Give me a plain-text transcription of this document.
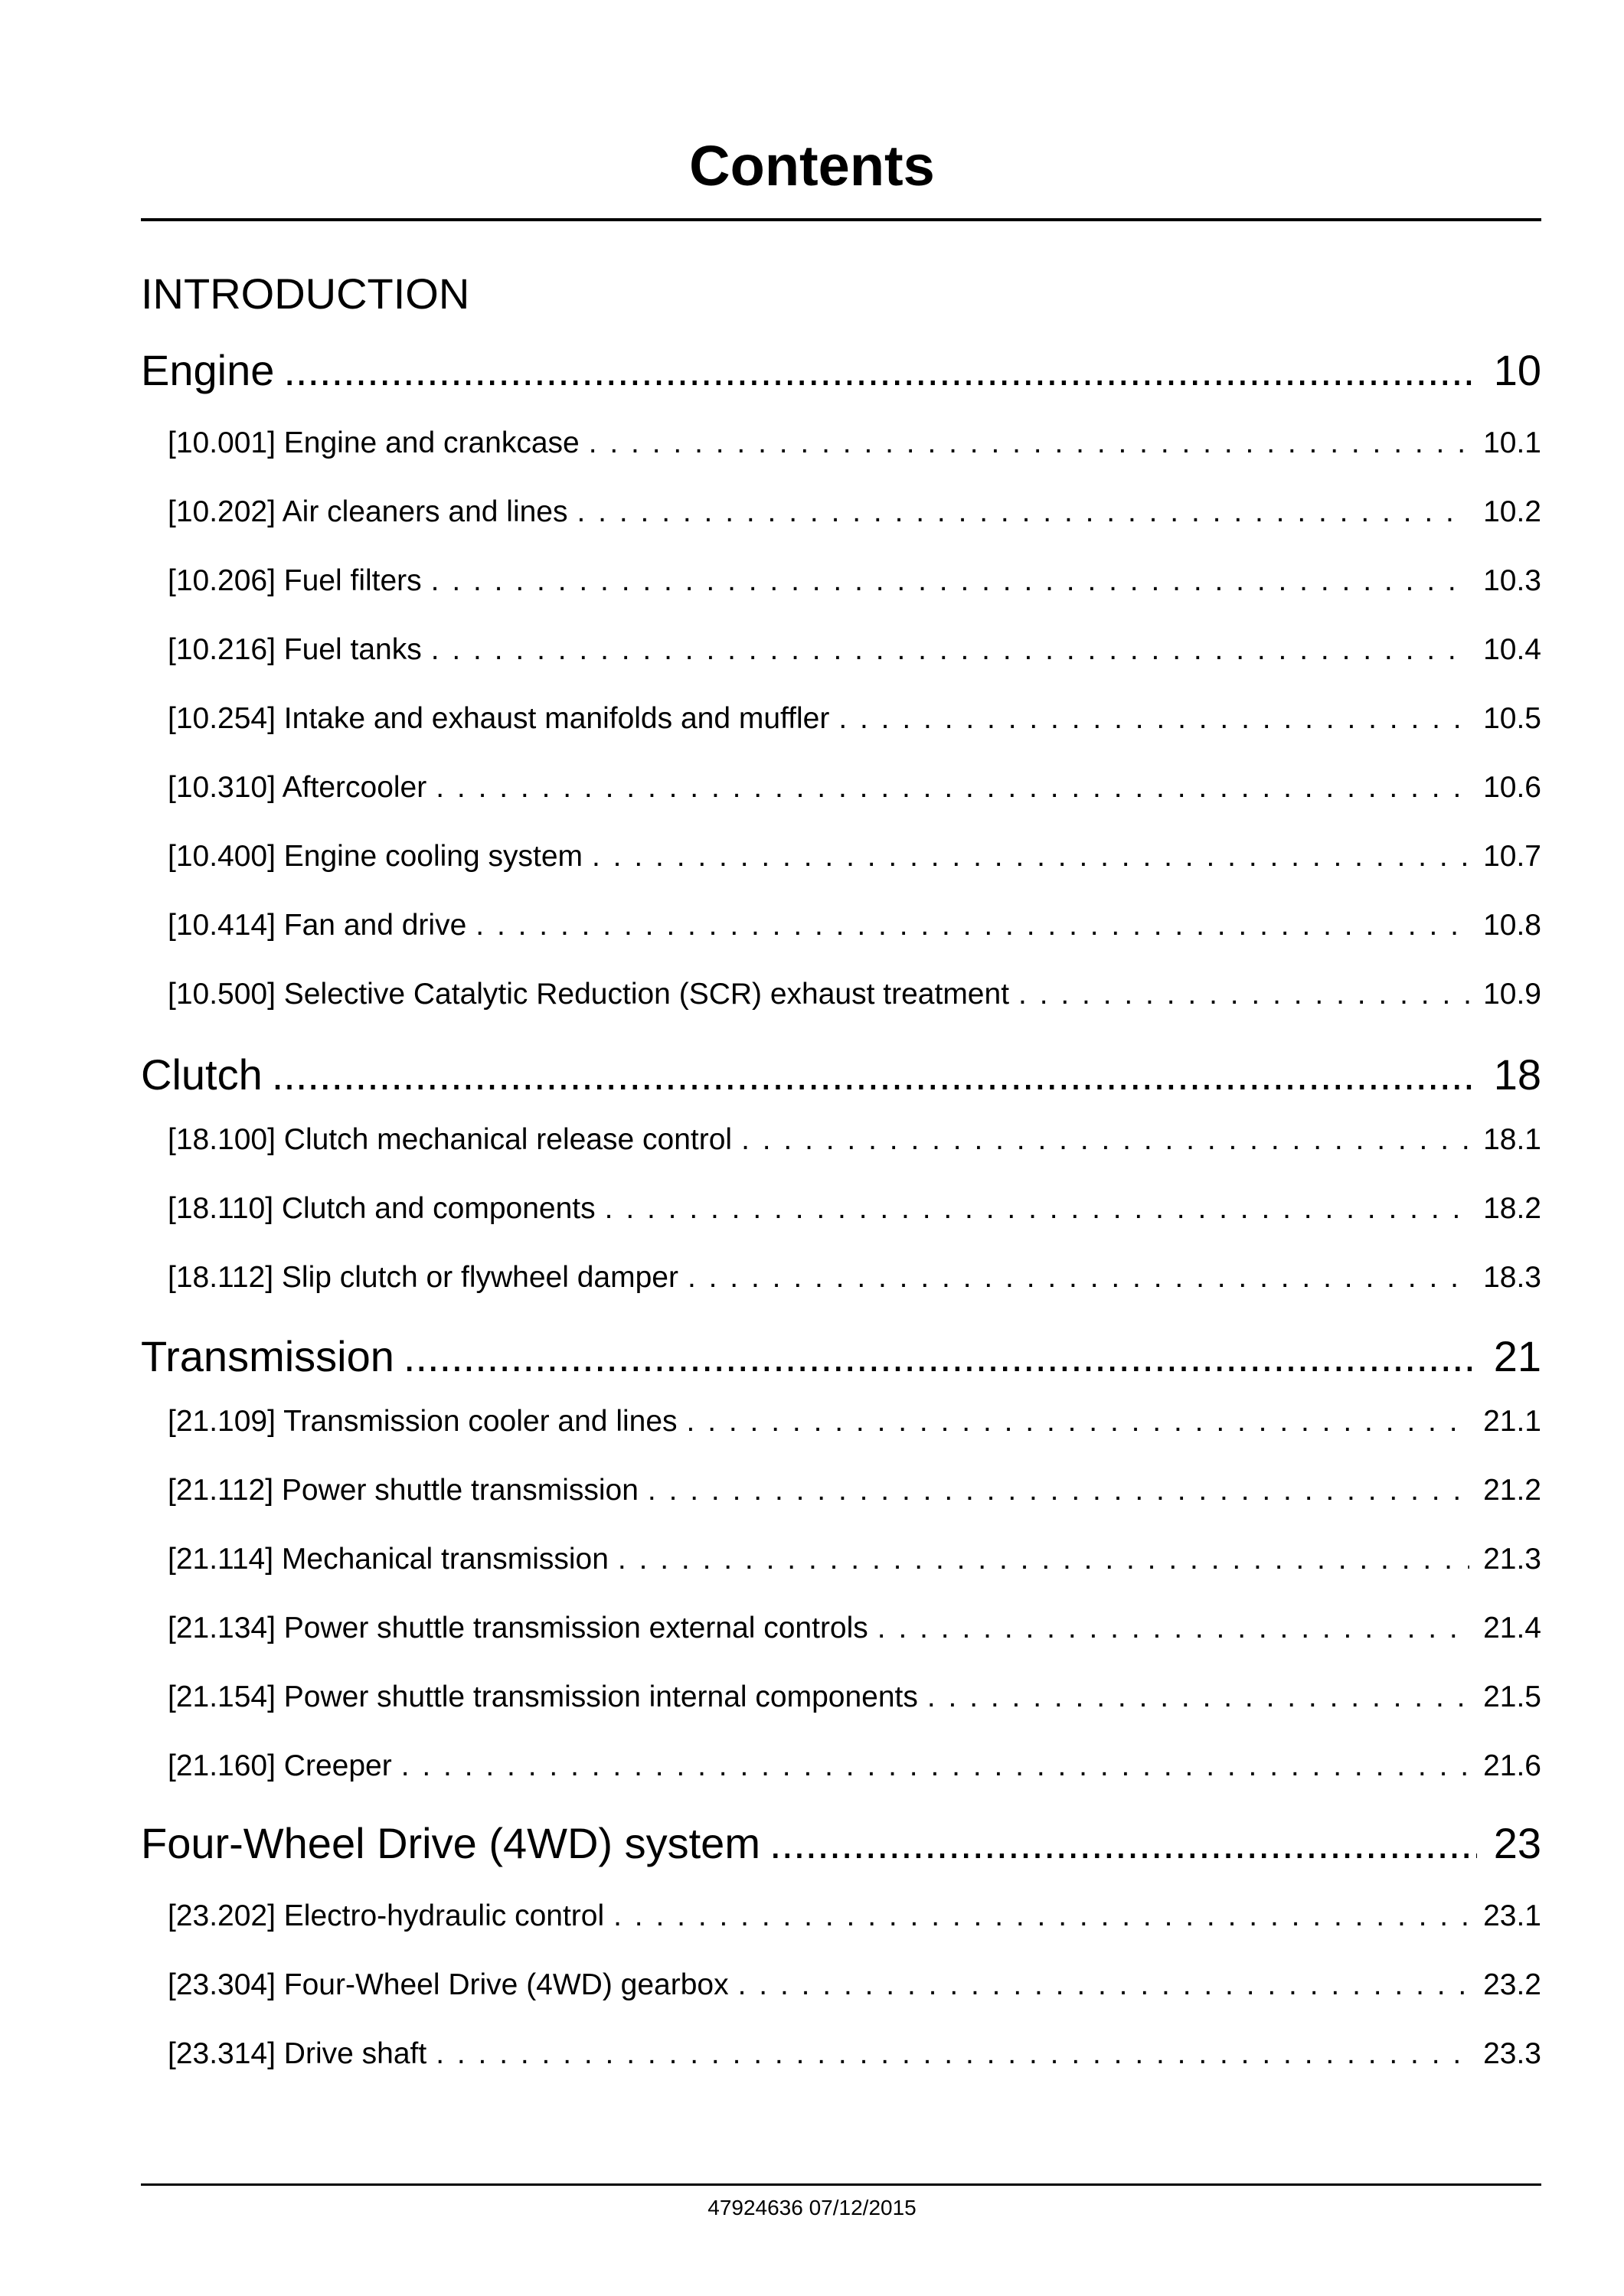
Contents
INTRODUCTION
Engine .....	10
[10.001] Engine and crankcase . . .	10.1
[10.202] Air cleaners and lines . . .	10.2
[10.206] Fuel filters . . .	10.3
[10.216] Fuel tanks . . .	10.4
[10.254] Intake and exhaust manifolds and muffler . . .	10.5
[10.310] Aftercooler . . .	10.6
[10.400] Engine cooling system . . .	10.7
[10.414] Fan and drive . . .	10.8
[10.500] Selective Catalytic Reduction (SCR) exhaust treatment . . .	10.9
Clutch .....	18
[18.100] Clutch mechanical release control . . .	18.1
[18.110] Clutch and components . . .	18.2
[18.112] Slip clutch or flywheel damper . . .	18.3
Transmission .....	21
[21.109] Transmission cooler and lines . . .	21.1
[21.112] Power shuttle transmission . . .	21.2
[21.114] Mechanical transmission . . .	21.3
[21.134] Power shuttle transmission external controls . . .	21.4
[21.154] Power shuttle transmission internal components . . .	21.5
[21.160] Creeper . . .	21.6
Four-Wheel Drive (4WD) system .....	23
[23.202] Electro-hydraulic control . . .	23.1
[23.304] Four-Wheel Drive (4WD) gearbox . . .	23.2
[23.314] Drive shaft . . .	23.3
47924636 07/12/2015
